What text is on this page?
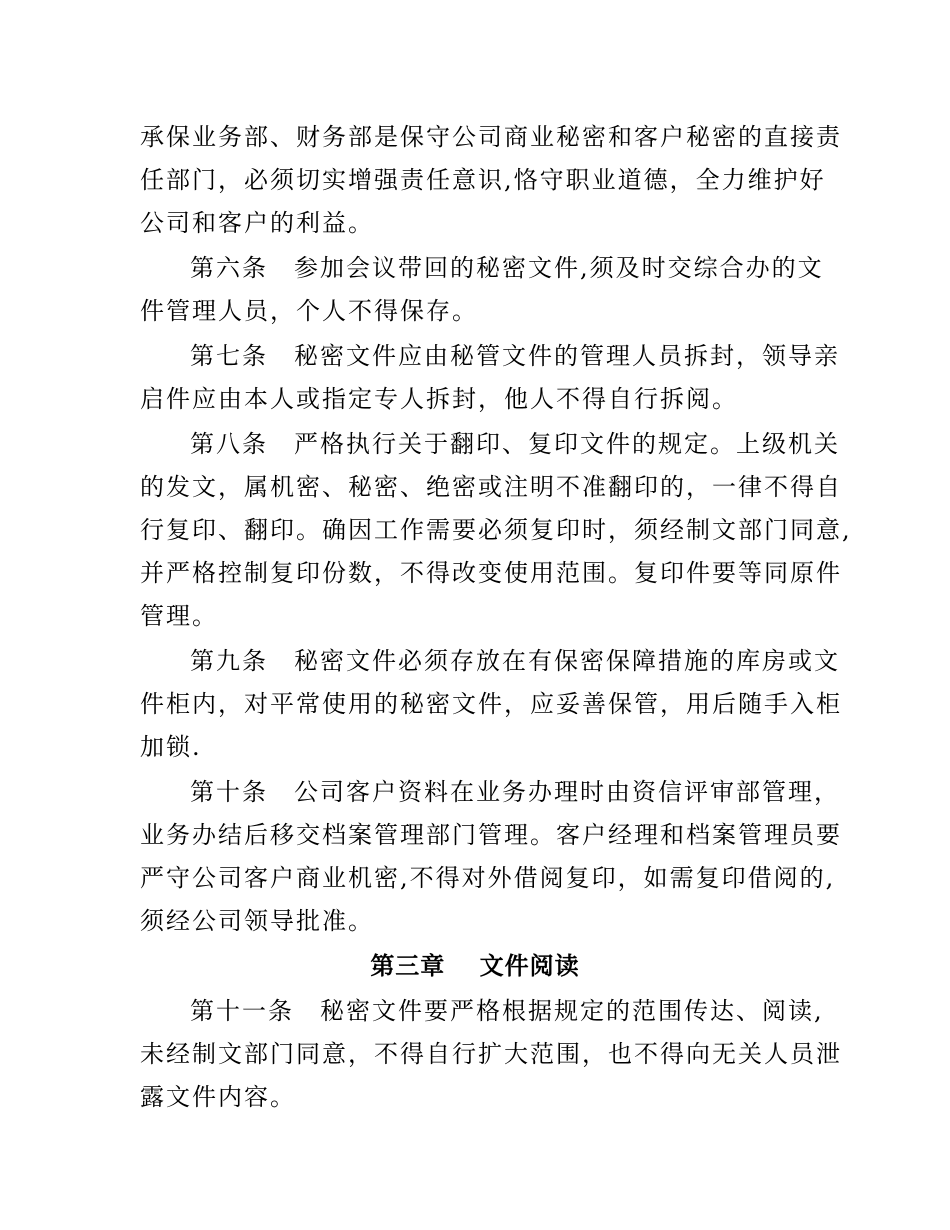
承保业务部、财务部是保守公司商业秘密和客户秘密的直接责
任部门，必须切实增强责任意识,恪守职业道德，全力维护好
公司和客户的利益。
第六条　参加会议带回的秘密文件,须及时交综合办的文
件管理人员，个人不得保存。
第七条　秘密文件应由秘管文件的管理人员拆封，领导亲
启件应由本人或指定专人拆封，他人不得自行拆阅。
第八条　严格执行关于翻印、复印文件的规定。上级机关
的发文，属机密、秘密、绝密或注明不准翻印的，一律不得自
行复印、翻印。确因工作需要必须复印时，须经制文部门同意,
并严格控制复印份数，不得改变使用范围。复印件要等同原件
管理。
第九条　秘密文件必须存放在有保密保障措施的库房或文
件柜内，对平常使用的秘密文件，应妥善保管，用后随手入柜
加锁.
第十条　公司客户资料在业务办理时由资信评审部管理，
业务办结后移交档案管理部门管理。客户经理和档案管理员要
严守公司客户商业机密,不得对外借阅复印，如需复印借阅的,
须经公司领导批准。
第三章　 文件阅读
第十一条　秘密文件要严格根据规定的范围传达、阅读,
未经制文部门同意，不得自行扩大范围，也不得向无关人员泄
露文件内容。
